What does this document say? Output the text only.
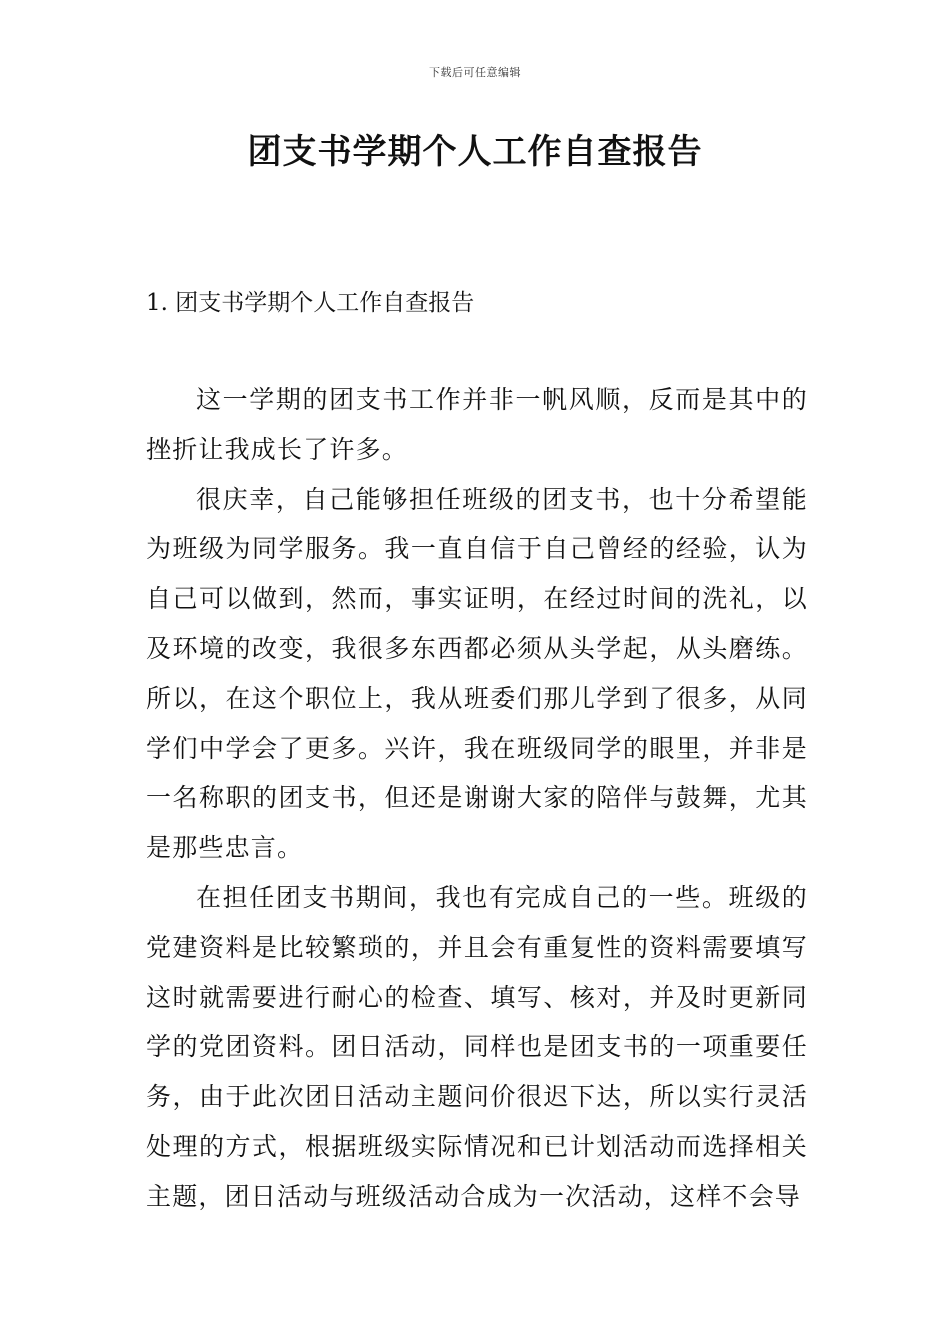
下载后可任意编辑
团支书学期个人工作自查报告
1. 团支书学期个人工作自查报告

这一学期的团支书工作并非一帆风顺，反而是其中的挫折让我成长了许多。

很庆幸，自己能够担任班级的团支书，也十分希望能为班级为同学服务。我一直自信于自己曾经的经验，认为自己可以做到，然而，事实证明，在经过时间的洗礼，以及环境的改变，我很多东西都必须从头学起，从头磨练。所以，在这个职位上，我从班委们那儿学到了很多，从同学们中学会了更多。兴许，我在班级同学的眼里，并非是一名称职的团支书，但还是谢谢大家的陪伴与鼓舞，尤其是那些忠言。

在担任团支书期间，我也有完成自己的一些。班级的党建资料是比较繁琐的，并且会有重复性的资料需要填写这时就需要进行耐心的检查、填写、核对，并及时更新同学的党团资料。团日活动，同样也是团支书的一项重要任务，由于此次团日活动主题问价很迟下达，所以实行灵活处理的方式，根据班级实际情况和已计划活动而选择相关主题，团日活动与班级活动合成为一次活动，这样不会导
